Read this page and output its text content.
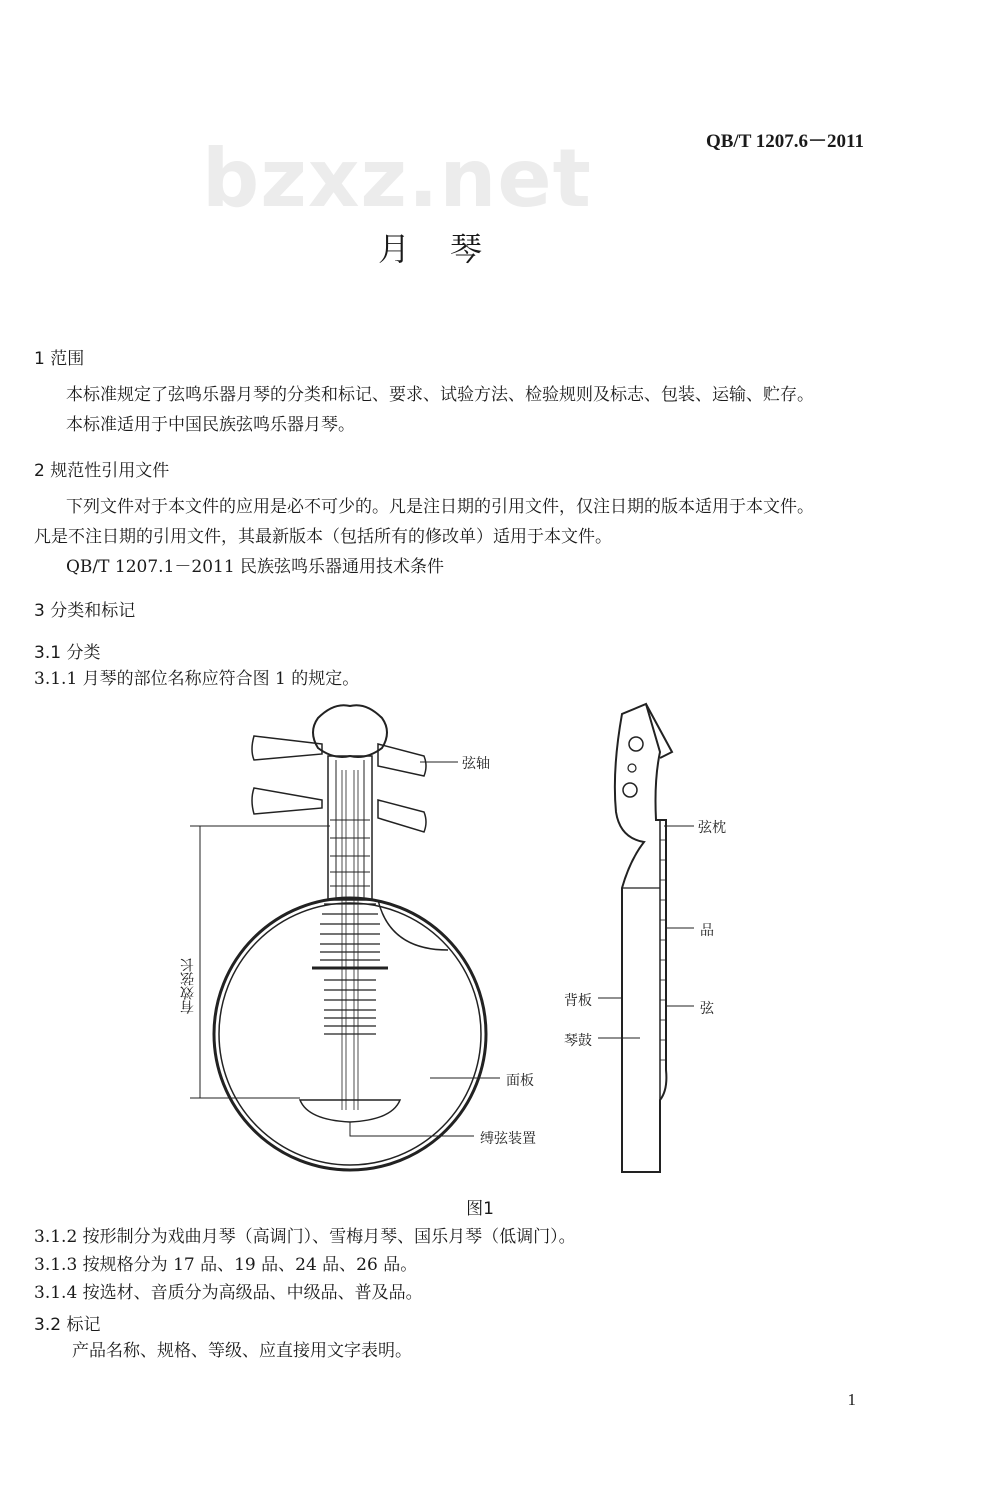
bzxz.net	QB/T 1207.6－2011
月琴
1 范围
本标准规定了弦鸣乐器月琴的分类和标记、要求、试验方法、检验规则及标志、包装、运输、贮存。
本标准适用于中国民族弦鸣乐器月琴。
2 规范性引用文件
下列文件对于本文件的应用是必不可少的。凡是注日期的引用文件，仅注日期的版本适用于本文件。
凡是不注日期的引用文件，其最新版本（包括所有的修改单）适用于本文件。
QB/T 1207.1－2011 民族弦鸣乐器通用技术条件
3 分类和标记
3.1 分类
3.1.1 月琴的部位名称应符合图 1 的规定。
弦轴
有效弦长
面板
缚弦装置
弦枕
品
弦
背板
琴鼓
图1
3.1.2 按形制分为戏曲月琴（高调门）、雪梅月琴、国乐月琴（低调门）。
3.1.3 按规格分为 17 品、19 品、24 品、26 品。
3.1.4 按选材、音质分为高级品、中级品、普及品。
3.2 标记
产品名称、规格、等级、应直接用文字表明。
1
